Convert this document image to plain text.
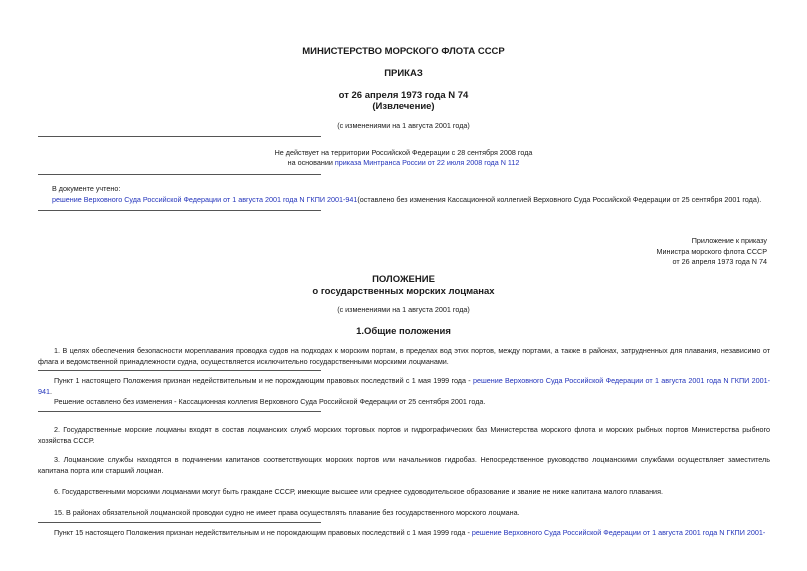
МИНИСТЕРСТВО МОРСКОГО ФЛОТА СССР
ПРИКАЗ
от 26 апреля 1973 года N 74
(Извлечение)
(с изменениями на 1 августа 2001 года)
Не действует на территории Российской Федерации с 28 сентября 2008 года
на основании приказа Минтранса России от 22 июля 2008 года N 112
В документе учтено:
решение Верховного Суда Российской Федерации от 1 августа 2001 года N ГКПИ 2001-941(оставлено без изменения Кассационной коллегией Верховного Суда Российской Федерации от 25 сентября 2001 года).
Приложение к приказу
Министра морского флота СССР
от 26 апреля 1973 года N 74
ПОЛОЖЕНИЕ
о государственных морских лоцманах
(с изменениями на 1 августа 2001 года)
1.Общие положения
1. В целях обеспечения безопасности мореплавания проводка судов на подходах к морским портам, в пределах вод этих портов, между портами, а также в районах, затрудненных для плавания, независимо от флага и ведомственной принадлежности судна, осуществляется исключительно государственными морскими лоцманами.
Пункт 1 настоящего Положения признан недействительным и не порождающим правовых последствий с 1 мая 1999 года - решение Верховного Суда Российской Федерации от 1 августа 2001 года N ГКПИ 2001-941.
Решение оставлено без изменения - Кассационная коллегия Верховного Суда Российской Федерации от 25 сентября 2001 года.
2. Государственные морские лоцманы входят в состав лоцманских служб морских торговых портов и гидрографических баз Министерства морского флота и морских рыбных портов Министерства рыбного хозяйства СССР.
3. Лоцманские службы находятся в подчинении капитанов соответствующих морских портов или начальников гидробаз. Непосредственное руководство лоцманскими службами осуществляет заместитель капитана порта или старший лоцман.
6. Государственными морскими лоцманами могут быть граждане СССР, имеющие высшее или среднее судоводительское образование и звание не ниже капитана малого плавания.
15. В районах обязательной лоцманской проводки судно не имеет права осуществлять плавание без государственного морского лоцмана.
Пункт 15 настоящего Положения признан недействительным и не порождающим правовых последствий с 1 мая 1999 года - решение Верховного Суда Российской Федерации от 1 августа 2001 года N ГКПИ 2001-
